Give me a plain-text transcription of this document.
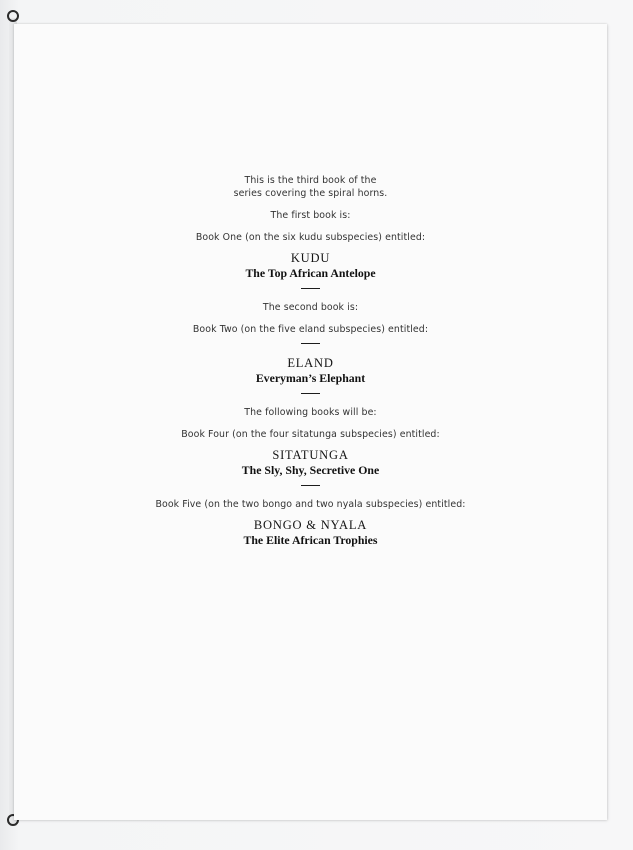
This is the third book of the
series covering the spiral horns.
The first book is:
Book One (on the six kudu subspecies) entitled:
KUDU
The Top African Antelope
The second book is:
Book Two (on the five eland subspecies) entitled:
ELAND
Everyman’s Elephant
The following books will be:
Book Four (on the four sitatunga subspecies) entitled:
SITATUNGA
The Sly, Shy, Secretive One
Book Five (on the two bongo and two nyala subspecies) entitled:
BONGO & NYALA
The Elite African Trophies
